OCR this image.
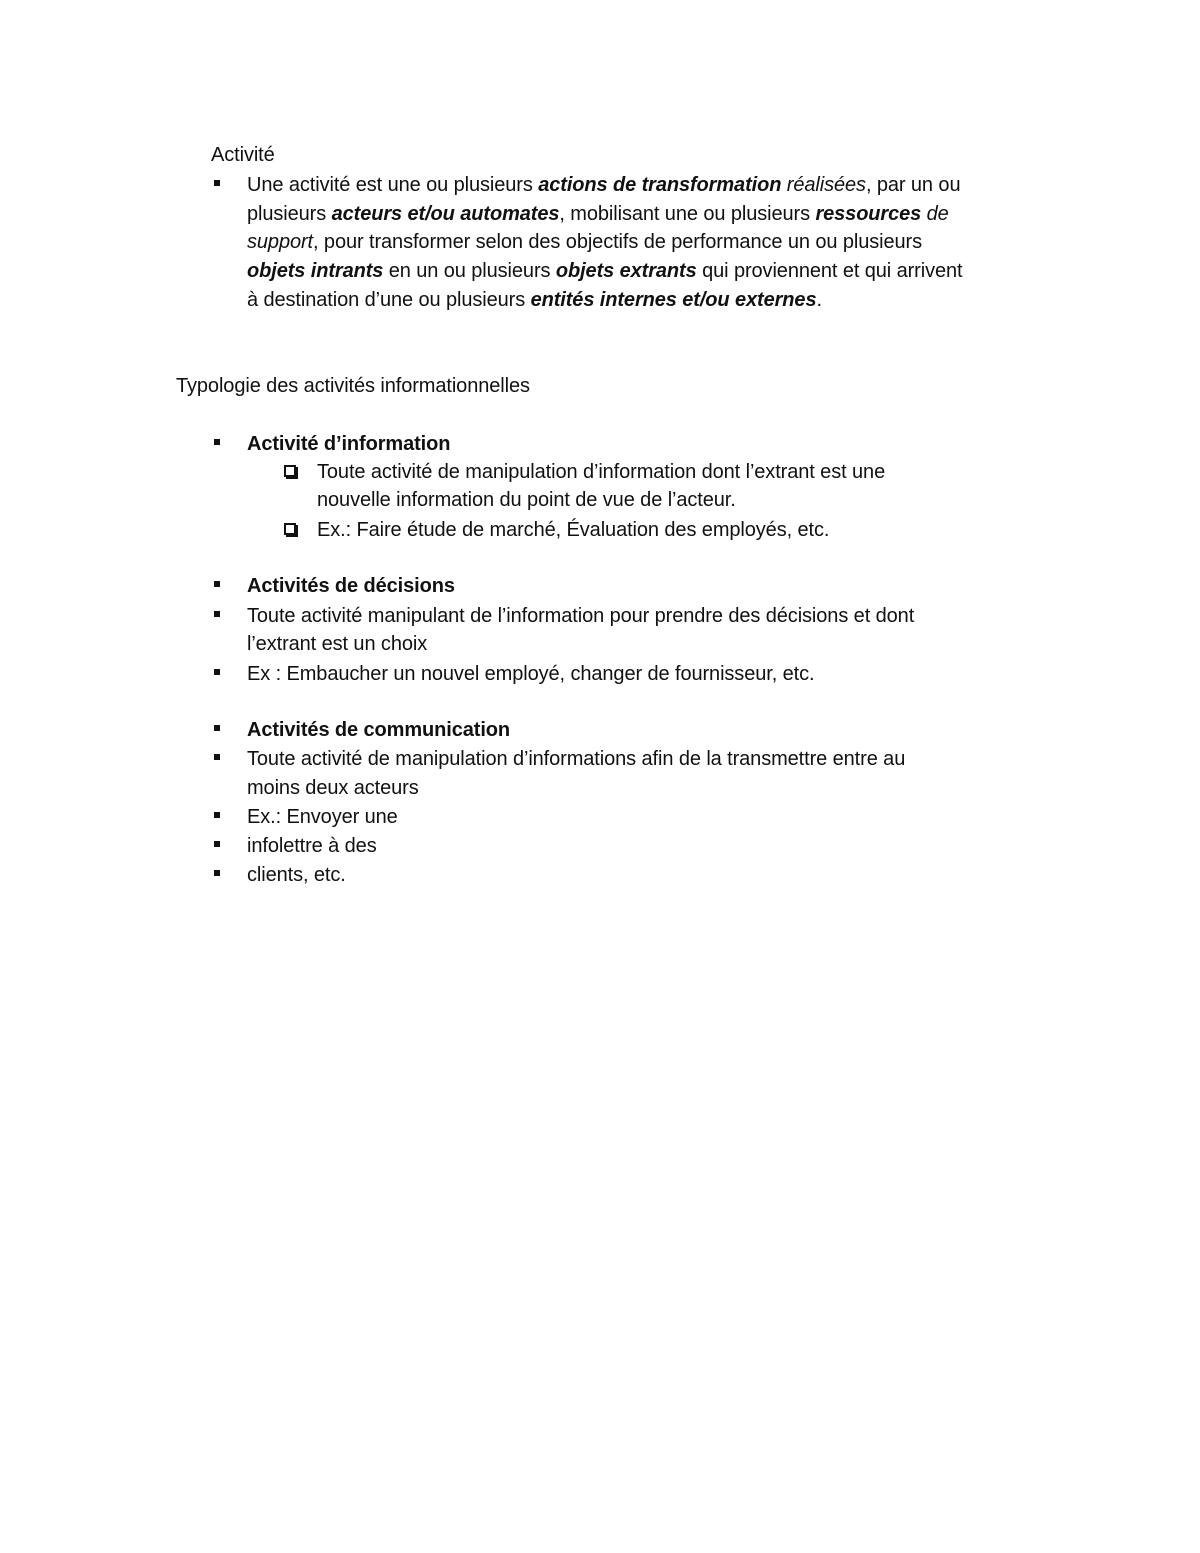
Activité
Une activité est une ou plusieurs actions de transformation réalisées, par un ou
plusieurs acteurs et/ou automates, mobilisant une ou plusieurs ressources de
support, pour transformer selon des objectifs de performance un ou plusieurs
objets intrants en un ou plusieurs objets extrants qui proviennent et qui arrivent
à destination d’une ou plusieurs entités internes et/ou externes.
Typologie des activités informationnelles
Activité d’information
Toute activité de manipulation d’information dont l’extrant est une
nouvelle information du point de vue de l’acteur.
Ex.: Faire étude de marché, Évaluation des employés, etc.
Activités de décisions
Toute activité manipulant de l’information pour prendre des décisions et dont
l’extrant est un choix
Ex : Embaucher un nouvel employé, changer de fournisseur, etc.
Activités de communication
Toute activité de manipulation d’informations afin de la transmettre entre au
moins deux acteurs
Ex.: Envoyer une
infolettre à des
clients, etc.
